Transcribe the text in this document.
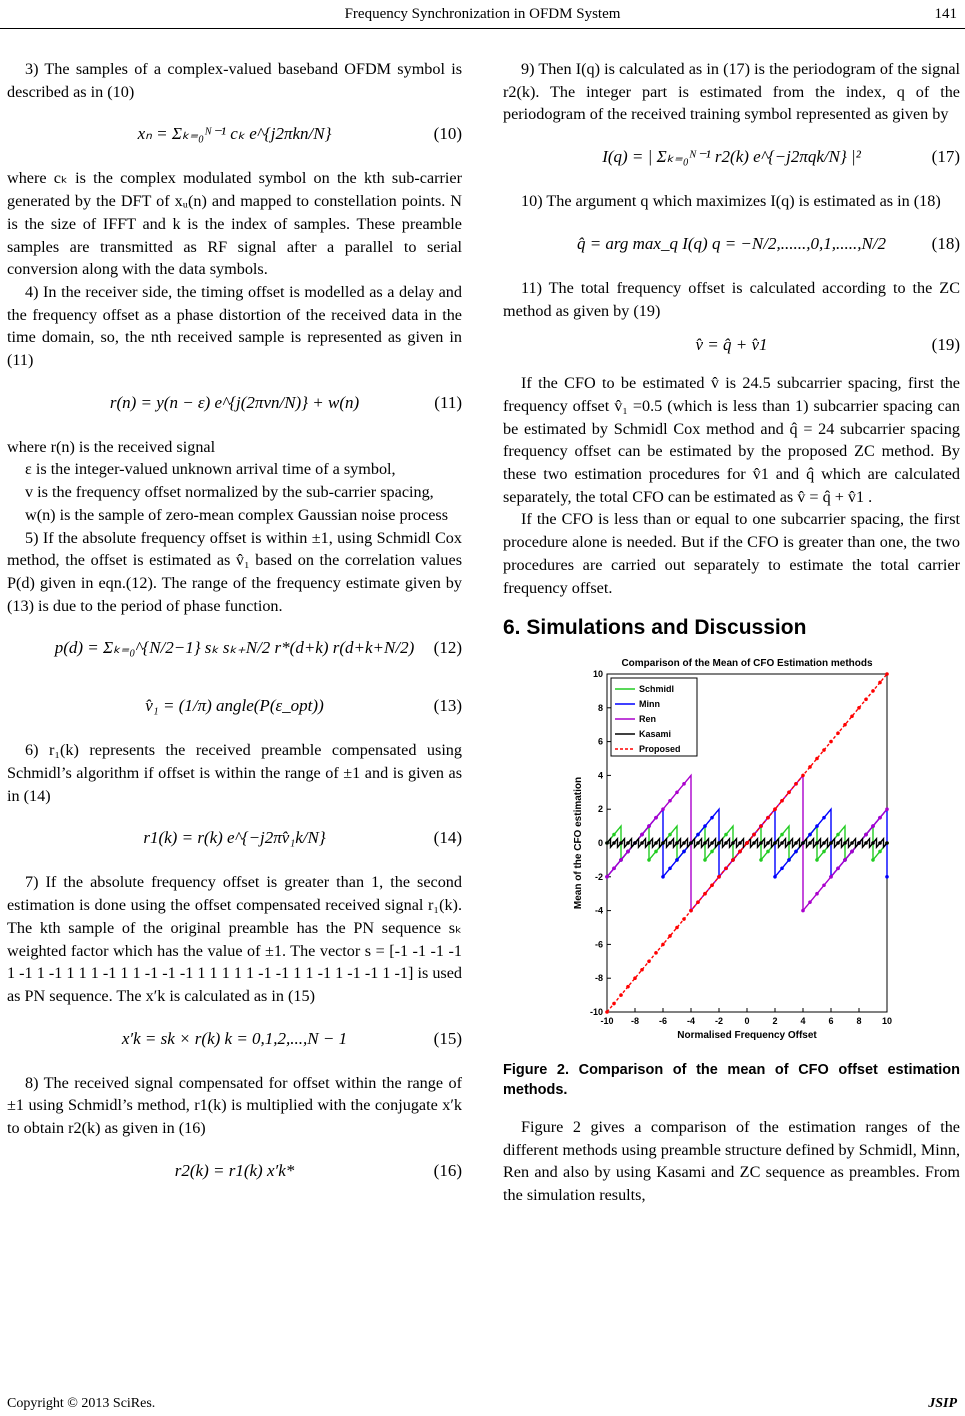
Frequency Synchronization in OFDM System	141

3) The samples of a complex-valued baseband OFDM symbol is described as in (10)

xₙ = Σₖ₌₀ᴺ⁻¹ cₖ e^{j2πkn/N}	(10)

where cₖ is the complex modulated symbol on the kth sub-carrier generated by the DFT of xᵤ(n) and mapped to constellation points. N is the size of IFFT and k is the index of samples. These preamble samples are transmitted as RF signal after a parallel to serial conversion along with the data symbols.

4) In the receiver side, the timing offset is modelled as a delay and the frequency offset as a phase distortion of the received data in the time domain, so, the nth received sample is represented as given in (11)

r(n) = y(n − ε) e^{j(2πvn/N)} + w(n)	(11)

where r(n) is the received signal

ε is the integer-valued unknown arrival time of a symbol,

v is the frequency offset normalized by the sub-carrier spacing,

w(n) is the sample of zero-mean complex Gaussian noise process

5) If the absolute frequency offset is within ±1, using Schmidl Cox method, the offset is estimated as v̂₁ based on the correlation values P(d) given in eqn.(12). The range of the frequency estimate given by (13) is due to the period of phase function.

p(d) = Σₖ₌₀^{N/2−1} sₖ sₖ₊N/2 r*(d+k) r(d+k+N/2)	(12)
v̂₁ = (1/π) angle(P(ε_opt))	(13)

6) r₁(k) represents the received preamble compensated using Schmidl’s algorithm if offset is within the range of ±1 and is given as in (14)

r1(k) = r(k) e^{−j2πv̂₁k/N}	(14)

7) If the absolute frequency offset is greater than 1, the second estimation is done using the offset compensated received signal r₁(k). The kth sample of the original preamble has the PN sequence sₖ weighted factor which has the value of ±1. The vector s = [-1 -1 -1 -1 1 -1 1 -1 1 1 1 -1 1 1 -1 -1 -1 1 1 1 1 1 -1 -1 1 1 -1 1 -1 -1 1 -1] is used as PN sequence. The x′k is calculated as in (15)

x′k = sk × r(k) k = 0,1,2,...,N − 1	(15)

8) The received signal compensated for offset within the range of ±1 using Schmidl’s method, r1(k) is multiplied with the conjugate x′k to obtain r2(k) as given in (16)

r2(k) = r1(k) x′k*	(16)

9) Then I(q) is calculated as in (17) is the periodogram of the signal r2(k). The integer part is estimated from the index, q of the periodogram of the received training symbol represented as given by

I(q) = | Σₖ₌₀ᴺ⁻¹ r2(k) e^{−j2πqk/N} |²	(17)

10) The argument q which maximizes I(q) is estimated as in (18)

q̂ = arg max_q I(q) q = −N/2,......,0,1,.....,N/2	(18)

11) The total frequency offset is calculated according to the ZC method as given by (19)

v̂ = q̂ + v̂1	(19)

If the CFO to be estimated v̂ is 24.5 subcarrier spacing, first the frequency offset v̂₁ =0.5 (which is less than 1) subcarrier spacing can be estimated by Schmidl Cox method and q̂ = 24 subcarrier spacing frequency offset can be estimated by the proposed ZC method. By these two estimation procedures for v̂1 and q̂ which are calculated separately, the total CFO can be estimated as v̂ = q̂ + v̂1 .

If the CFO is less than or equal to one subcarrier spacing, the first procedure alone is needed. But if the CFO is greater than one, the two procedures are carried out separately to estimate the total carrier frequency offset.

6. Simulations and Discussion
Comparison of the Mean of CFO Estimation methods
-10 -8 -6 -4 -2 0	2	4	6	8 10
-10
-8
-6
-4
-2
0
2
4
6
8
10
Normalised Frequency Offset
Mean of the CFO estimation
Schmidl
Minn
Ren
Kasami
Proposed
Figure 2. Comparison of the mean of CFO offset estimation methods.

Figure 2 gives a comparison of the estimation ranges of the different methods using preamble structure defined by Schmidl, Minn, Ren and also by using Kasami and ZC sequence as preambles. From the simulation results,

Copyright © 2013 SciRes.	JSIP
